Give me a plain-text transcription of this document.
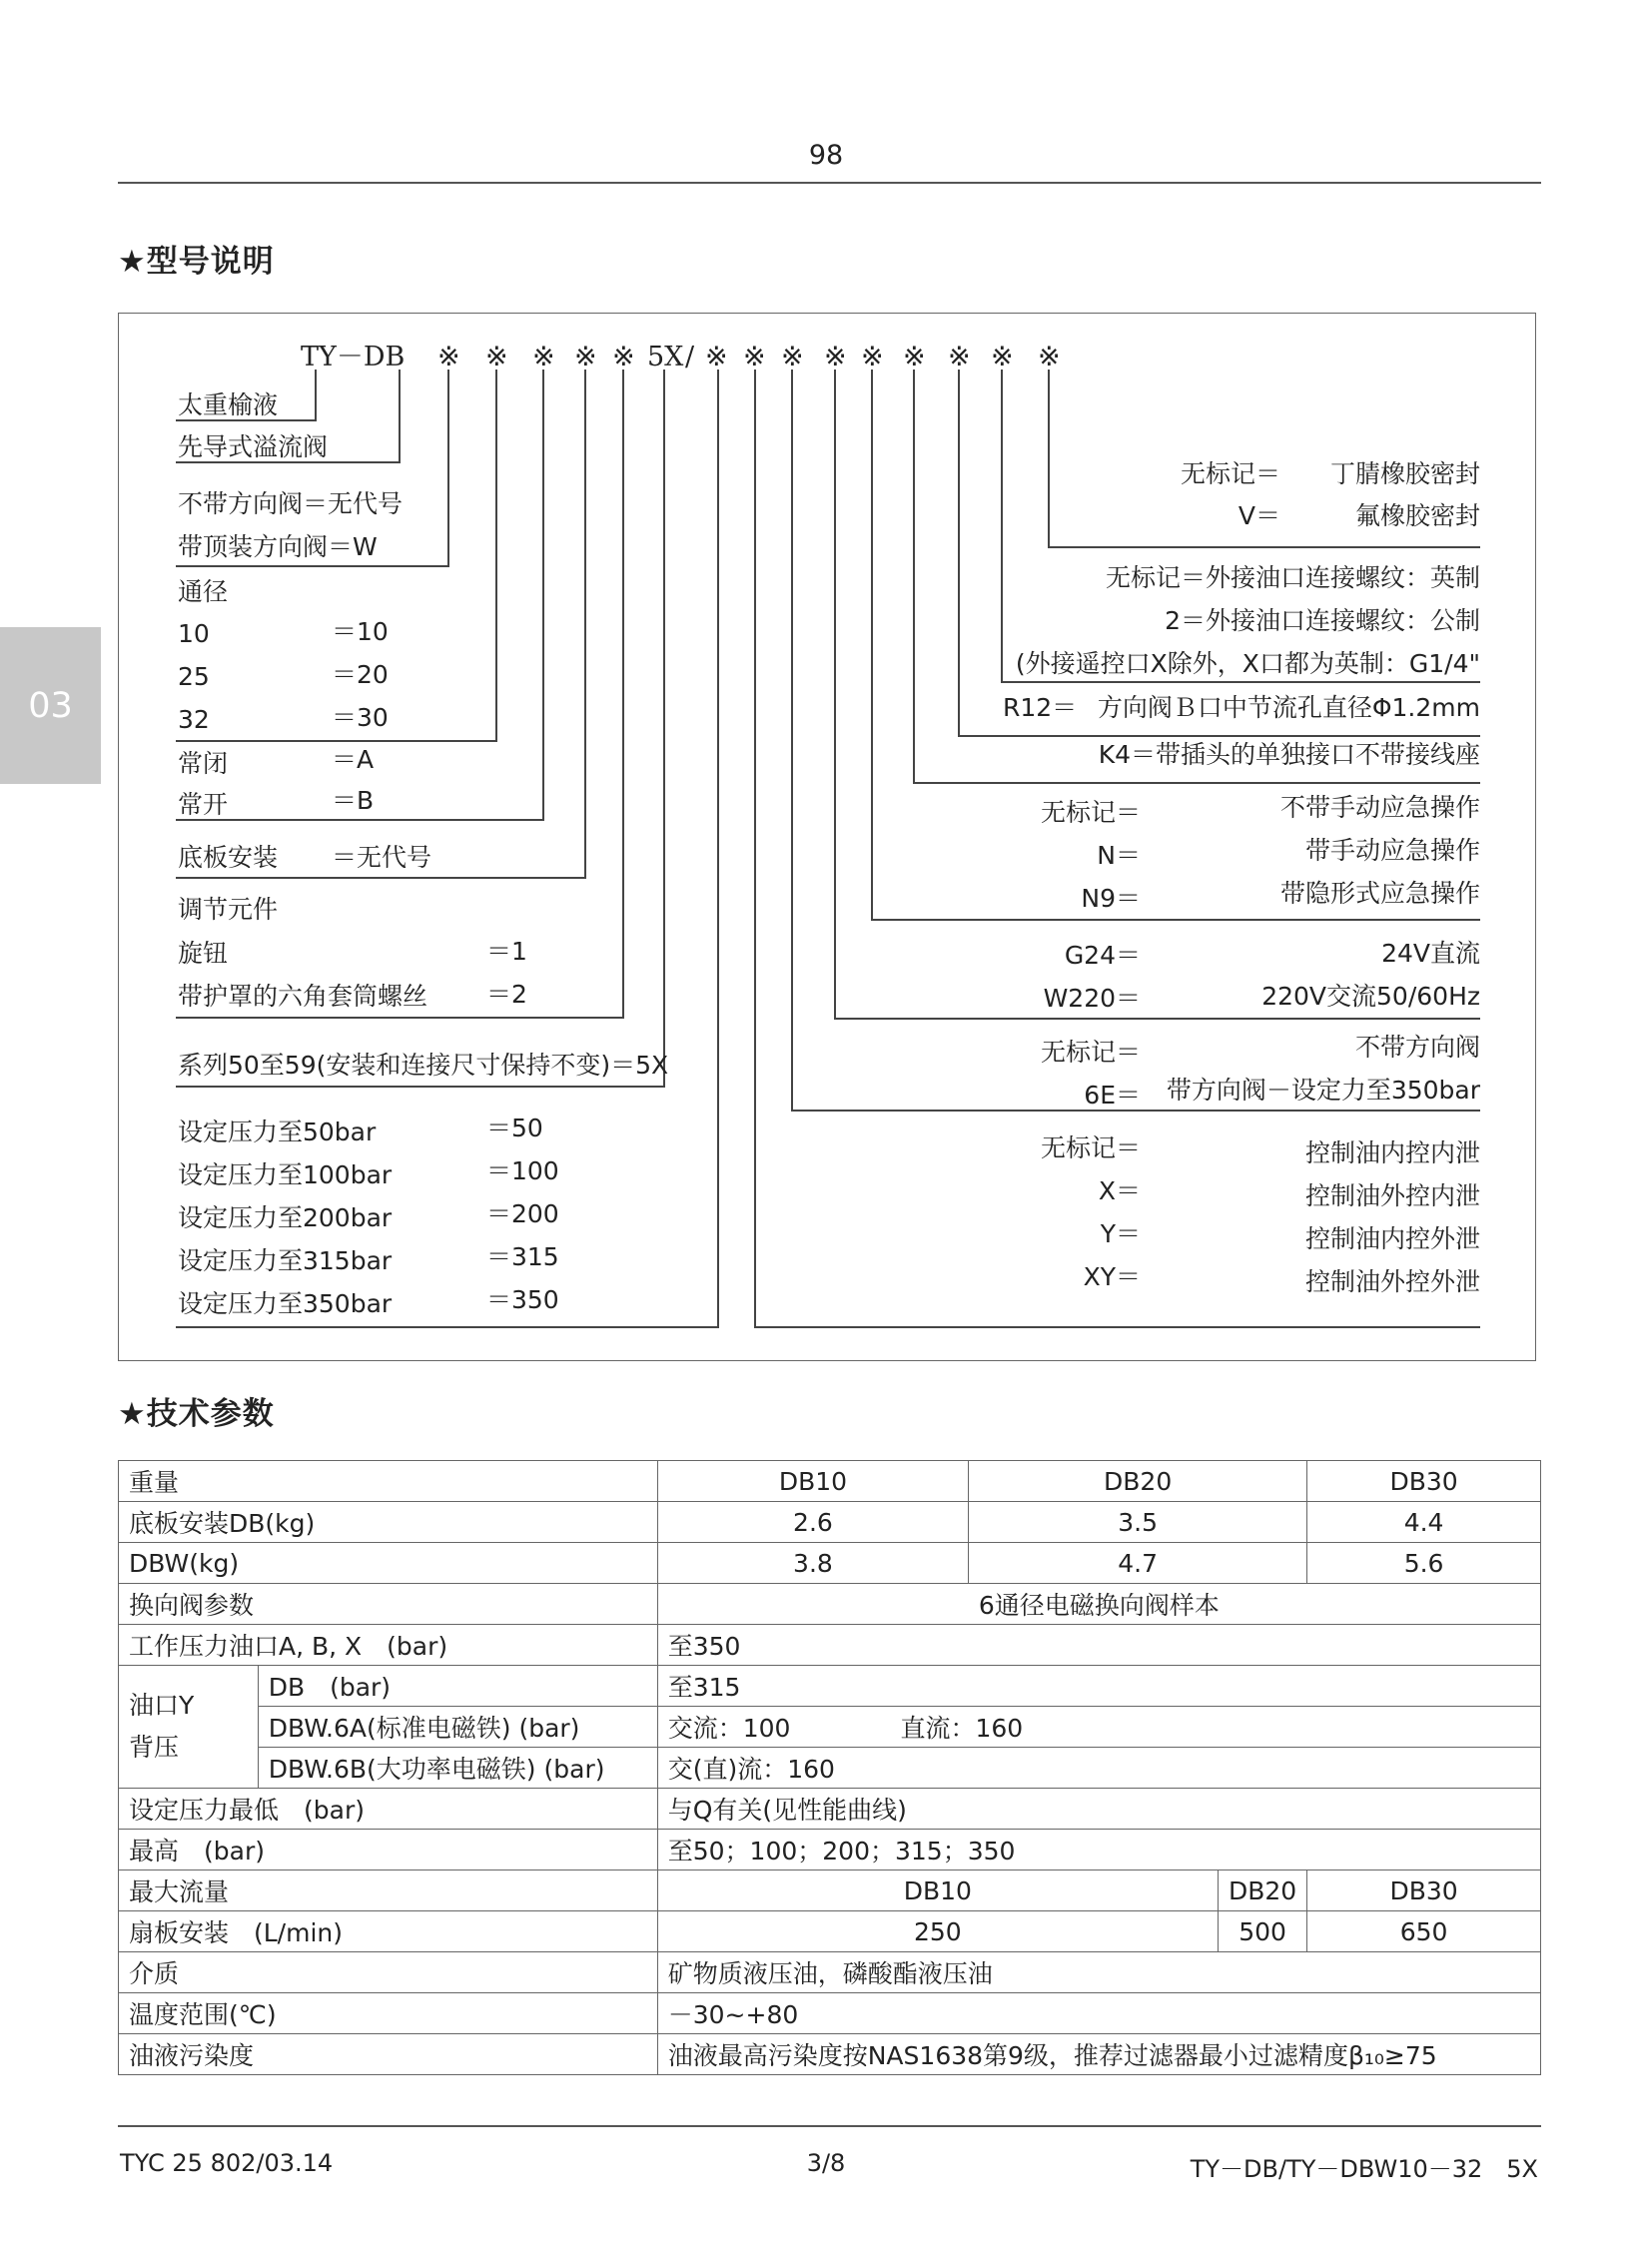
98
★型号说明
03
TY－DB ※ ※ ※ ※ ※ 5X / ※ ※ ※ ※ ※ ※ ※ ※ ※
太重榆液
先导式溢流阀
不带方向阀＝无代号
带顶装方向阀＝W
通径
10	＝10
25	＝20
32	＝30
常闭	＝A
常开	＝B
底板安装 ＝无代号
调节元件
旋钮	＝1
带护罩的六角套筒螺丝 ＝2
系列50至59(安装和连接尺寸保持不变)＝5X
设定压力至50bar	＝50
设定压力至100bar	＝100
设定压力至200bar	＝200
设定压力至315bar	＝315
设定压力至350bar	＝350
无标记＝ 丁腈橡胶密封
V＝	氟橡胶密封
无标记＝外接油口连接螺纹：英制
2＝外接油口连接螺纹：公制
(外接遥控口X除外，X口都为英制：G1/4"
R12＝ 方向阀Ｂ口中节流孔直径Φ1.2mm
K4＝带插头的单独接口不带接线座
无标记＝	不带手动应急操作
N＝	带手动应急操作
N9＝	带隐形式应急操作
G24＝	24V直流
W220＝	220V交流50/60Hz
无标记＝	不带方向阀
6E＝ 带方向阀－设定力至350bar
无标记＝	控制油内控内泄
X＝	控制油外控内泄
Y＝	控制油内控外泄
XY＝	控制油外控外泄
★技术参数
重量		DB10	DB20		DB30
底板安装DB(kg)		2.6	3.5		4.4
DBW(kg)		3.8	4.7		5.6
换向阀参数		6通径电磁换向阀样本			
工作压力油口A, B, X　(bar)		至350			
油口Y
背压	DB　(bar)	至315			
	DBW.6A(标准电磁铁) (bar)	交流：100 直流：160			
	DBW.6B(大功率电磁铁) (bar)	交(直)流：160			
设定压力最低　(bar)		与Q有关(见性能曲线)			
最高　(bar)		至50；100；200；315；350			
最大流量		DB10		DB20	DB30
扇板安装　(L/min)		250		500	650
介质		矿物质液压油，磷酸酯液压油			
温度范围(℃)		－30~+80			
油液污染度		油液最高污染度按NAS1638第9级，推荐过滤器最小过滤精度β₁₀≥75			
TYC 25 802/03.14	3/8	TY－DB/TY－DBW10－32　5X
